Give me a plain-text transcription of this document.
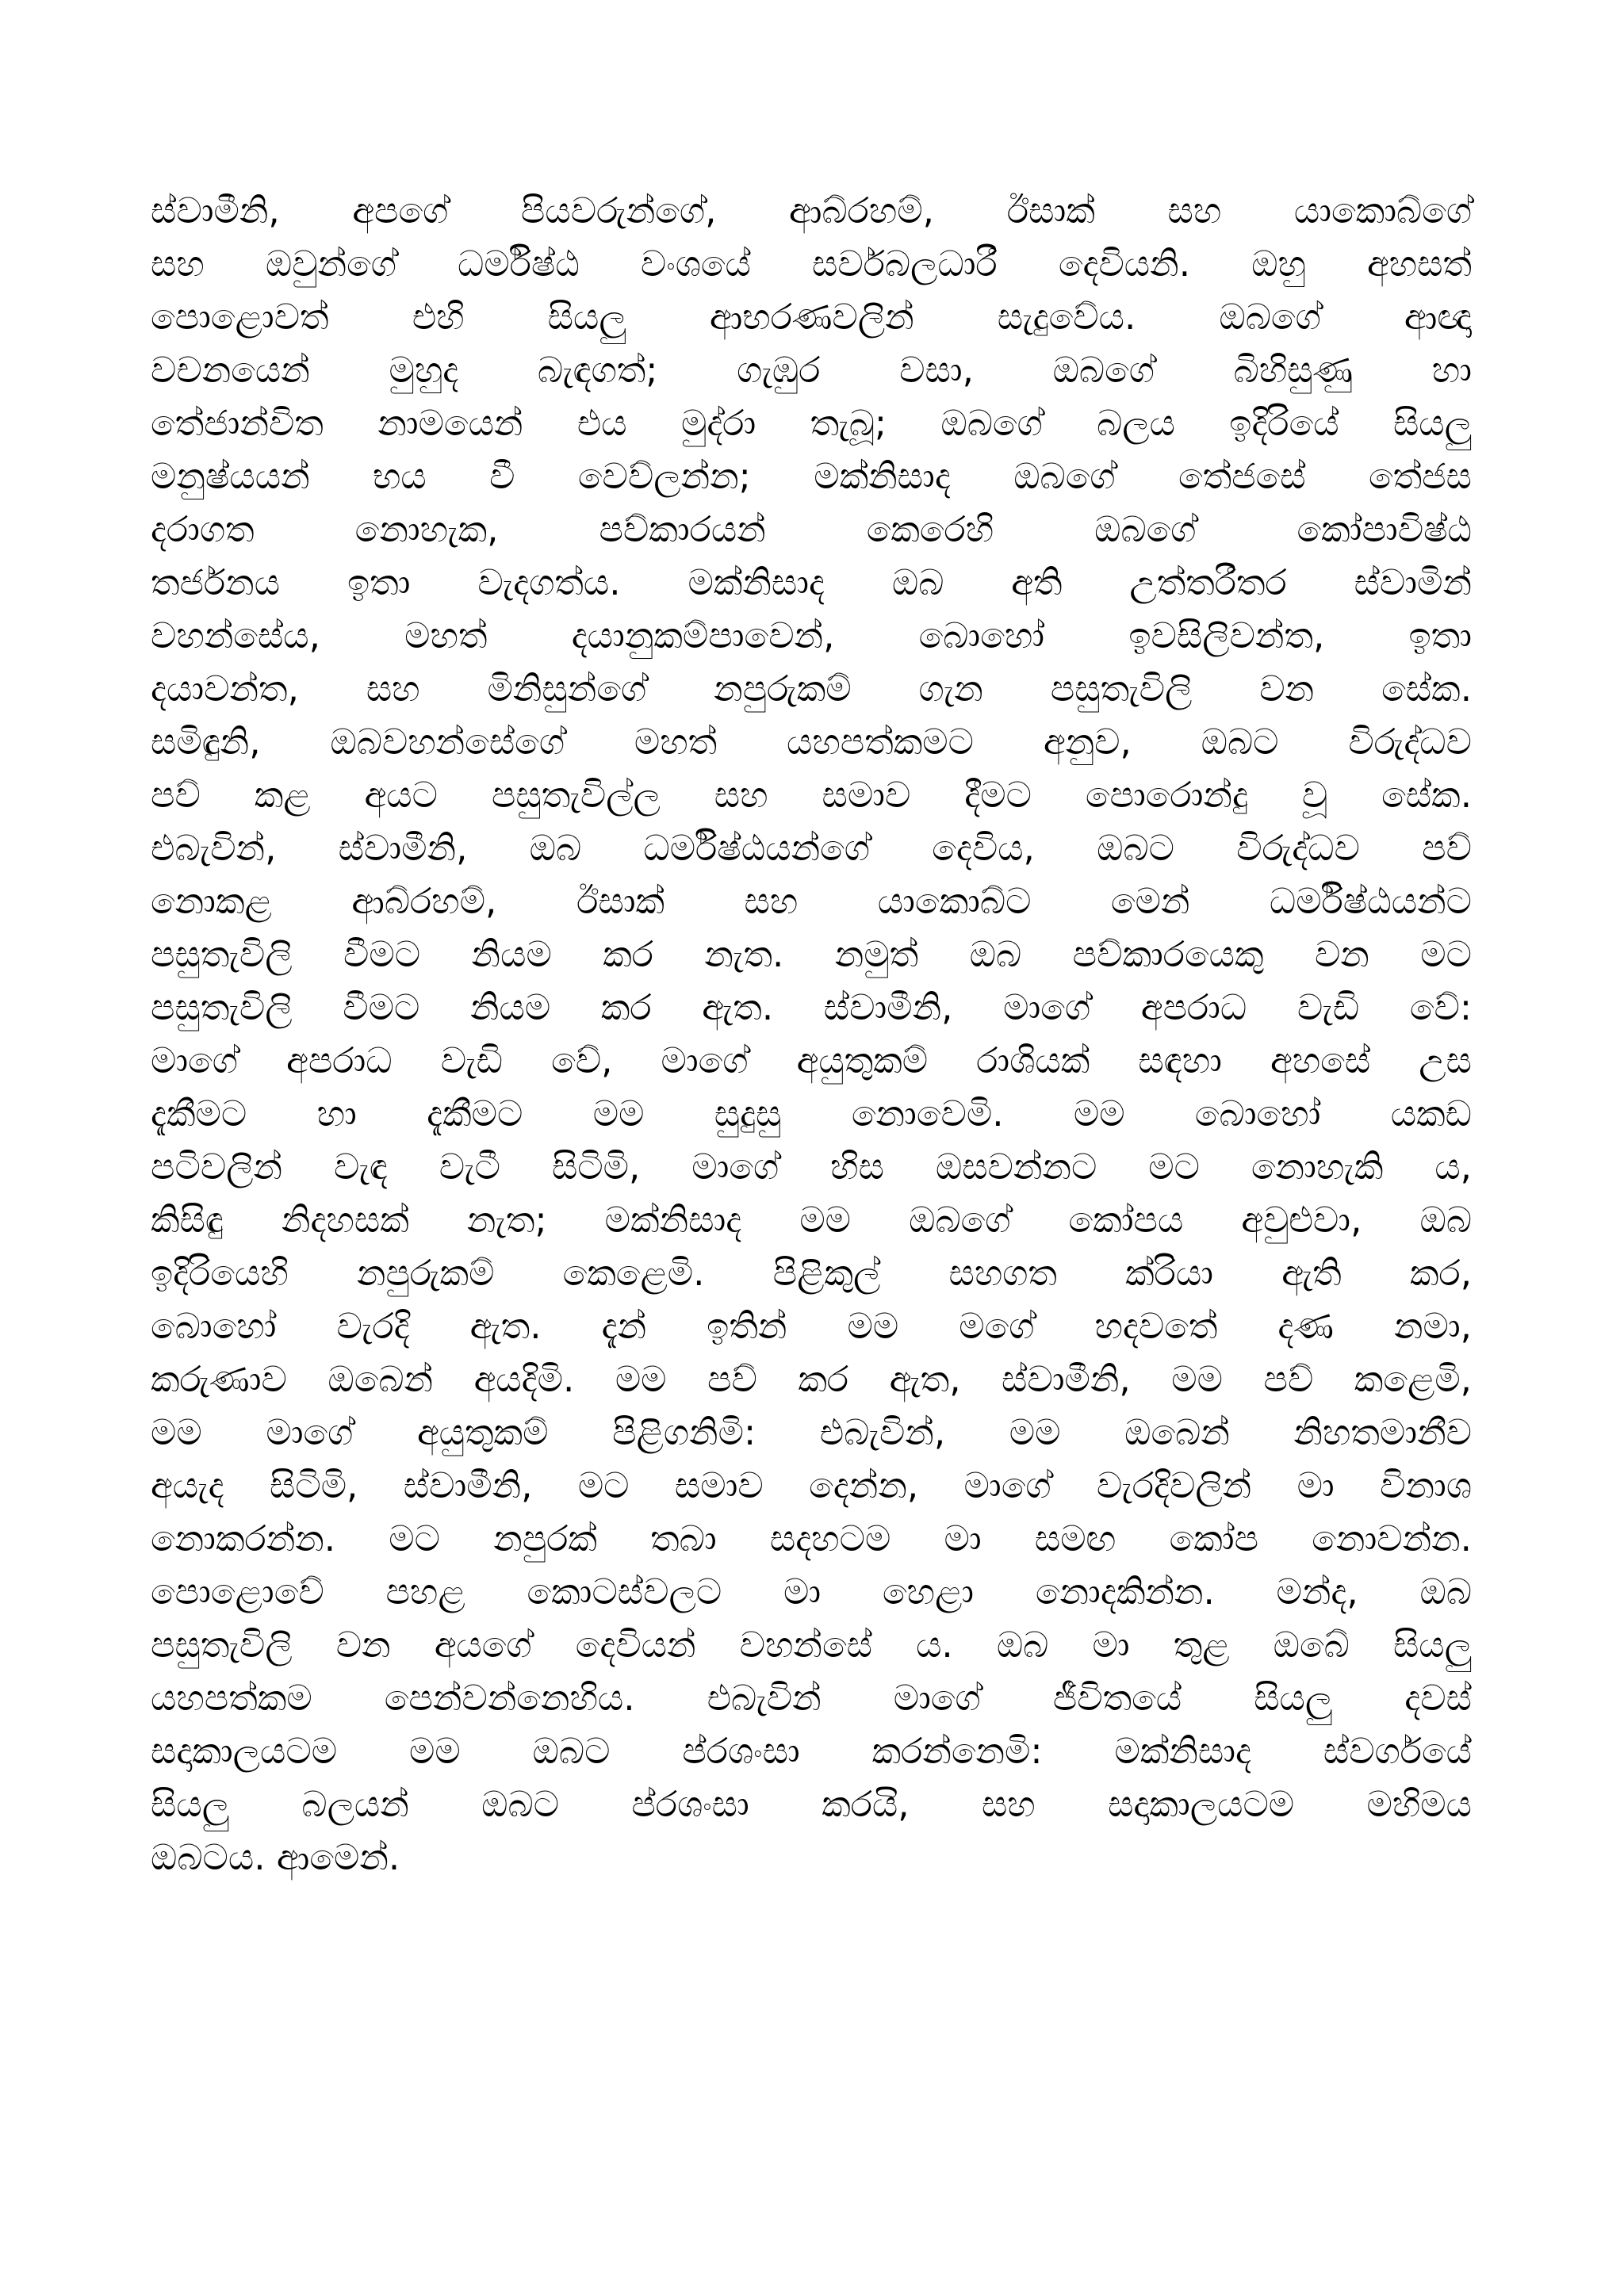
ස්වාමීනි, අපගේ පියවරුන්ගේ, ආබ්රහම්, ඊසාක් සහ යාකොබ්ගේ
සහ ඔවුන්ගේ ධර්මිෂ්ඨ වංශයේ සර්වබලධාරී දෙවියනි. ඔහු අහසත්
පොළොවත් එහි සියලු ආභරණවලින් සැදුවේය. ඔබගේ ආඥා
වචනයෙන් මුහුද බැඳගත්; ගැඹුර වසා, ඔබගේ බිහිසුණු හා
තේජාන්විත නාමයෙන් එය මුද්රා තැබූ; ඔබගේ බලය ඉදිරියේ සියලු
මනුෂ්යයන් භය වී වෙව්ලන්න; මක්නිසාද ඔබගේ තේජසේ තේජස
දරාගත නොහැක, පව්කාරයන් කෙරෙහි ඔබගේ කෝපාවිෂ්ඨ
තර්ජනය ඉතා වැදගත්ය. මක්නිසාද ඔබ අති උත්තරීතර ස්වාමින්
වහන්සේය, මහත් දයානුකම්පාවෙන්, බොහෝ ඉවසිලිවන්ත, ඉතා
දයාවන්ත, සහ මිනිසුන්ගේ නපුරුකම් ගැන පසුතැවිලි වන සේක.
සමිඳුනි, ඔබවහන්සේගේ මහත් යහපත්කමට අනුව, ඔබට විරුද්ධව
පව් කළ අයට පසුතැවිල්ල සහ සමාව දීමට පොරොන්දු වූ සේක.
එබැවින්, ස්වාමීනි, ඔබ ධර්මිෂ්ඨයන්ගේ දෙවිය, ඔබට විරුද්ධව පව්
නොකළ ආබ්රහම්, ඊසාක් සහ යාකොබ්ට මෙන් ධර්මිෂ්ඨයන්ට
පසුතැවිලි වීමට නියම කර නැත. නමුත් ඔබ පව්කාරයෙකු වන මට
පසුතැවිලි වීමට නියම කර ඇත. ස්වාමීනි, මාගේ අපරාධ වැඩි වේ:
මාගේ අපරාධ වැඩි වේ, මාගේ අයුතුකම් රාශියක් සඳහා අහසේ උස
දැකීමට හා දැකීමට මම සුදුසු නොවෙමි. මම බොහෝ යකඩ
පටිවලින් වැඳ වැටී සිටිමි, මාගේ හිස ඔසවන්නට මට නොහැකි ය,
කිසිඳු නිදහසක් නැත; මක්නිසාද මම ඔබගේ කෝපය අවුළුවා, ඔබ
ඉදිරියෙහි නපුරුකම් කෙළෙමි. පිළිකුල් සහගත ක්රියා ඇති කර,
බොහෝ වැරදි ඇත. දැන් ඉතින් මම මගේ හදවතේ දණ නමා,
කරුණාව ඔබෙන් අයදිමි. මම පව් කර ඇත, ස්වාමීනි, මම පව් කළෙමි,
මම මාගේ අයුතුකම් පිළිගනිමි: එබැවින්, මම ඔබෙන් නිහතමානීව
අයැද සිටිමි, ස්වාමීනි, මට සමාව දෙන්න, මාගේ වැරදිවලින් මා විනාශ
නොකරන්න. මට නපුරක් තබා සදහටම මා සමඟ කෝප නොවන්න.
පොළොවේ පහළ කොටස්වලට මා හෙළා නොදකින්න. මන්ද, ඔබ
පසුතැවිලි වන අයගේ දෙවියන් වහන්සේ ය. ඔබ මා තුළ ඔබේ සියලු
යහපත්කම පෙන්වන්නෙහිය. එබැවින් මාගේ ජීවිතයේ සියලු දවස්
සදාකාලයටම මම ඔබට ප්රශංසා කරන්නෙමි: මක්නිසාද ස්වර්ගයේ
සියලු බලයන් ඔබට ප්රශංසා කරයි, සහ සදාකාලයටම මහිමය
ඔබටය. ආමෙන්.
